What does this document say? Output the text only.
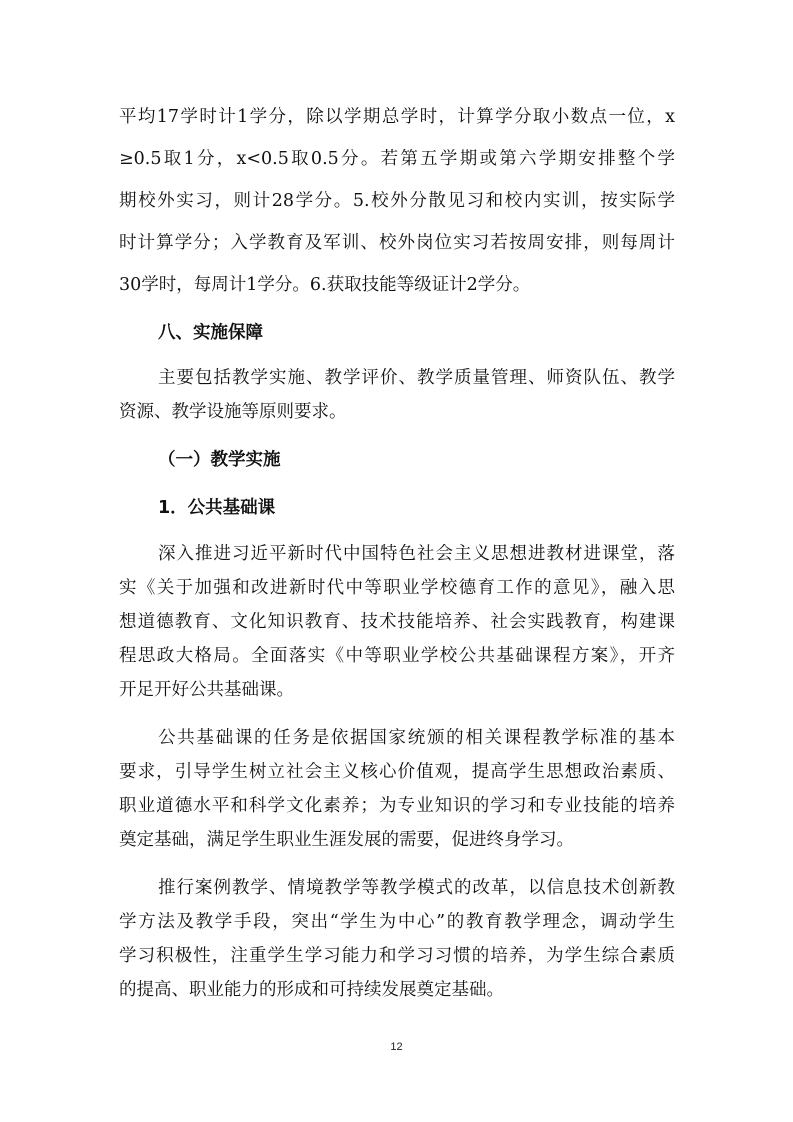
平均17学时计1学分，除以学期总学时，计算学分取小数点一位，x
≥0.5取1分，x<0.5取0.5分。若第五学期或第六学期安排整个学
期校外实习，则计28学分。5.校外分散见习和校内实训，按实际学
时计算学分；入学教育及军训、校外岗位实习若按周安排，则每周计
30学时，每周计1学分。6.获取技能等级证计2学分。
八、实施保障
主要包括教学实施、教学评价、教学质量管理、师资队伍、教学
资源、教学设施等原则要求。
（一）教学实施
1．公共基础课
深入推进习近平新时代中国特色社会主义思想进教材进课堂，落
实《关于加强和改进新时代中等职业学校德育工作的意见》，融入思
想道德教育、文化知识教育、技术技能培养、社会实践教育，构建课
程思政大格局。全面落实《中等职业学校公共基础课程方案》，开齐
开足开好公共基础课。
公共基础课的任务是依据国家统颁的相关课程教学标准的基本
要求，引导学生树立社会主义核心价值观，提高学生思想政治素质、
职业道德水平和科学文化素养；为专业知识的学习和专业技能的培养
奠定基础，满足学生职业生涯发展的需要，促进终身学习。
推行案例教学、情境教学等教学模式的改革，以信息技术创新教
学方法及教学手段，突出“学生为中心”的教育教学理念，调动学生
学习积极性，注重学生学习能力和学习习惯的培养，为学生综合素质
的提高、职业能力的形成和可持续发展奠定基础。
12
